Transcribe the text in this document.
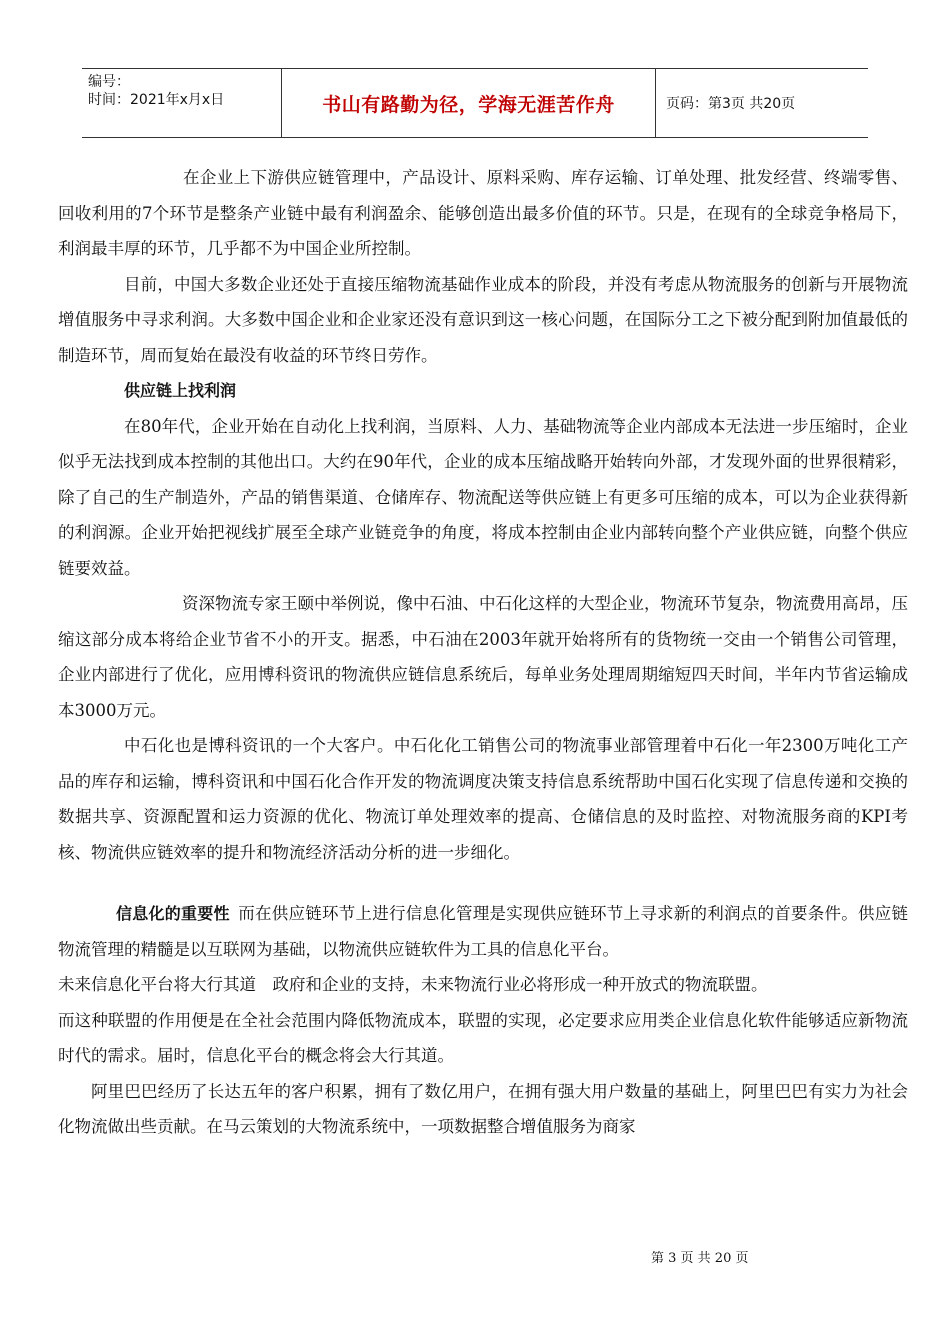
编号：
时间：2021年x月x日	书山有路勤为径，学海无涯苦作舟	页码：第3页 共20页

在企业上下游供应链管理中，产品设计、原料采购、库存运输、订单处理、批发经营、终端零售、回收利用的7个环节是整条产业链中最有利润盈余、能够创造出最多价值的环节。只是，在现有的全球竞争格局下，利润最丰厚的环节，几乎都不为中国企业所控制。

目前，中国大多数企业还处于直接压缩物流基础作业成本的阶段，并没有考虑从物流服务的创新与开展物流增值服务中寻求利润。大多数中国企业和企业家还没有意识到这一核心问题，在国际分工之下被分配到附加值最低的制造环节，周而复始在最没有收益的环节终日劳作。

供应链上找利润

在80年代，企业开始在自动化上找利润，当原料、人力、基础物流等企业内部成本无法进一步压缩时，企业似乎无法找到成本控制的其他出口。大约在90年代，企业的成本压缩战略开始转向外部，才发现外面的世界很精彩，除了自己的生产制造外，产品的销售渠道、仓储库存、物流配送等供应链上有更多可压缩的成本，可以为企业获得新的利润源。企业开始把视线扩展至全球产业链竞争的角度，将成本控制由企业内部转向整个产业供应链，向整个供应链要效益。

资深物流专家王颐中举例说，像中石油、中石化这样的大型企业，物流环节复杂，物流费用高昂，压缩这部分成本将给企业节省不小的开支。据悉，中石油在2003年就开始将所有的货物统一交由一个销售公司管理，企业内部进行了优化，应用博科资讯的物流供应链信息系统后，每单业务处理周期缩短四天时间，半年内节省运输成本3000万元。

中石化也是博科资讯的一个大客户。中石化化工销售公司的物流事业部管理着中石化一年2300万吨化工产品的库存和运输，博科资讯和中国石化合作开发的物流调度决策支持信息系统帮助中国石化实现了信息传递和交换的数据共享、资源配置和运力资源的优化、物流订单处理效率的提高、仓储信息的及时监控、对物流服务商的KPI考核、物流供应链效率的提升和物流经济活动分析的进一步细化。

信息化的重要性  而在供应链环节上进行信息化管理是实现供应链环节上寻求新的利润点的首要条件。供应链物流管理的精髓是以互联网为基础，以物流供应链软件为工具的信息化平台。

未来信息化平台将大行其道　政府和企业的支持，未来物流行业必将形成一种开放式的物流联盟。

而这种联盟的作用便是在全社会范围内降低物流成本，联盟的实现，必定要求应用类企业信息化软件能够适应新物流时代的需求。届时，信息化平台的概念将会大行其道。

阿里巴巴经历了长达五年的客户积累，拥有了数亿用户，在拥有强大用户数量的基础上，阿里巴巴有实力为社会化物流做出些贡献。在马云策划的大物流系统中，一项数据整合增值服务为商家

第 3 页 共 20 页
